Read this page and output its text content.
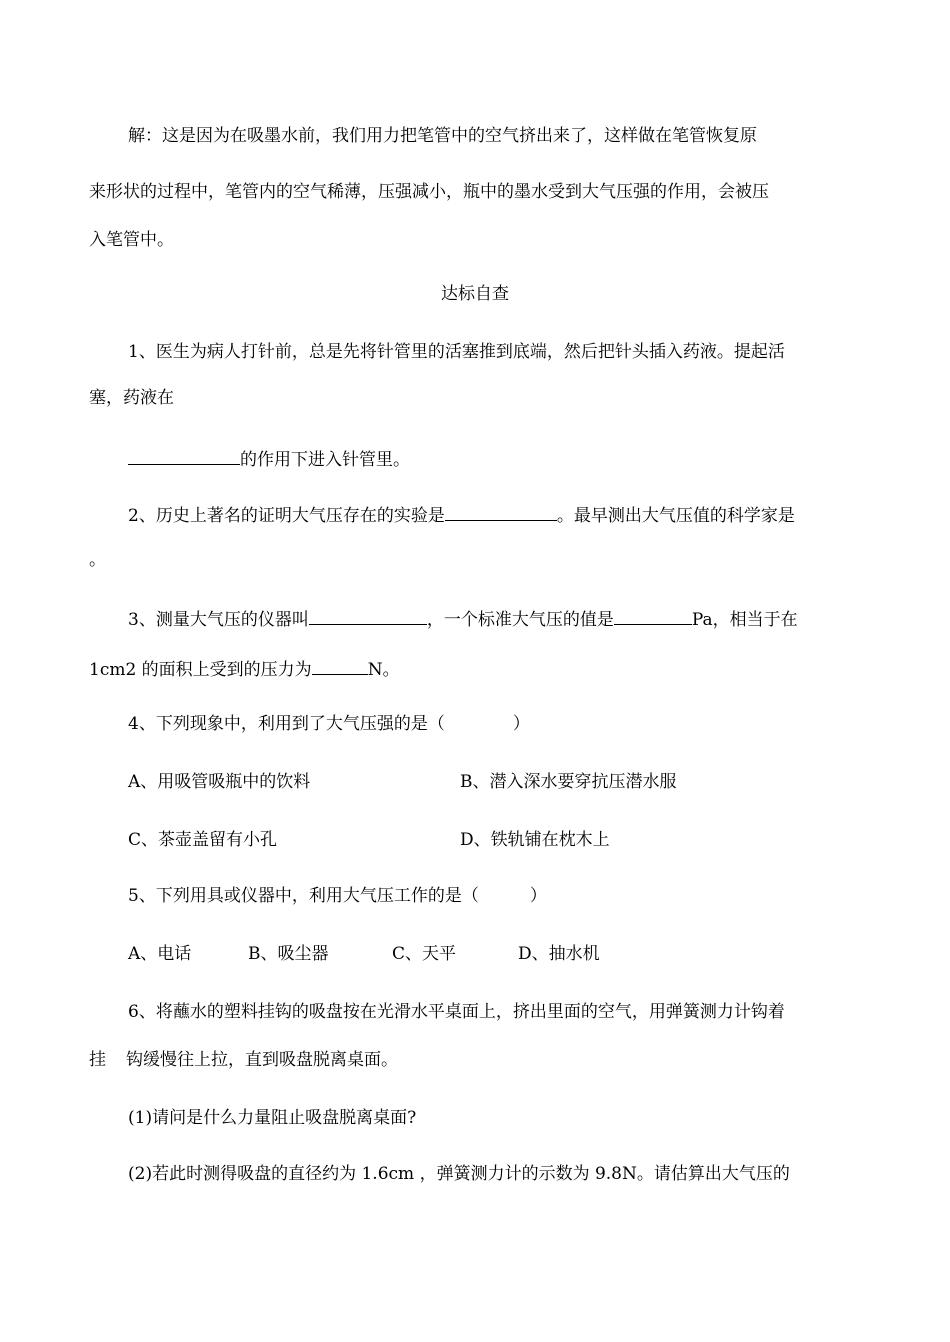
解：这是因为在吸墨水前，我们用力把笔管中的空气挤出来了，这样做在笔管恢复原
来形状的过程中，笔管内的空气稀薄，压强减小，瓶中的墨水受到大气压强的作用，会被压
入笔管中。
达标自查
1、医生为病人打针前，总是先将针管里的活塞推到底端，然后把针头插入药液。提起活
塞，药液在
的作用下进入针管里。
2、历史上著名的证明大气压存在的实验是	。最早测出大气压值的科学家是
。
3、测量大气压的仪器叫	，一个标准大气压的值是	Pa，相当于在
1cm2 的面积上受到的压力为	N。
4、下列现象中，利用到了大气压强的是（　　　　）
A、用吸管吸瓶中的饮料	B、潜入深水要穿抗压潜水服
C、茶壶盖留有小孔	D、铁轨铺在枕木上
5、下列用具或仪器中，利用大气压工作的是（　　　）
A、电话	B、吸尘器	C、天平	D、抽水机
6、将蘸水的塑料挂钩的吸盘按在光滑水平桌面上，挤出里面的空气，用弹簧测力计钩着
挂 钩缓慢往上拉，直到吸盘脱离桌面。
(1)请问是什么力量阻止吸盘脱离桌面?
(2)若此时测得吸盘的直径约为 1.6cm ，弹簧测力计的示数为 9.8N。请估算出大气压的
